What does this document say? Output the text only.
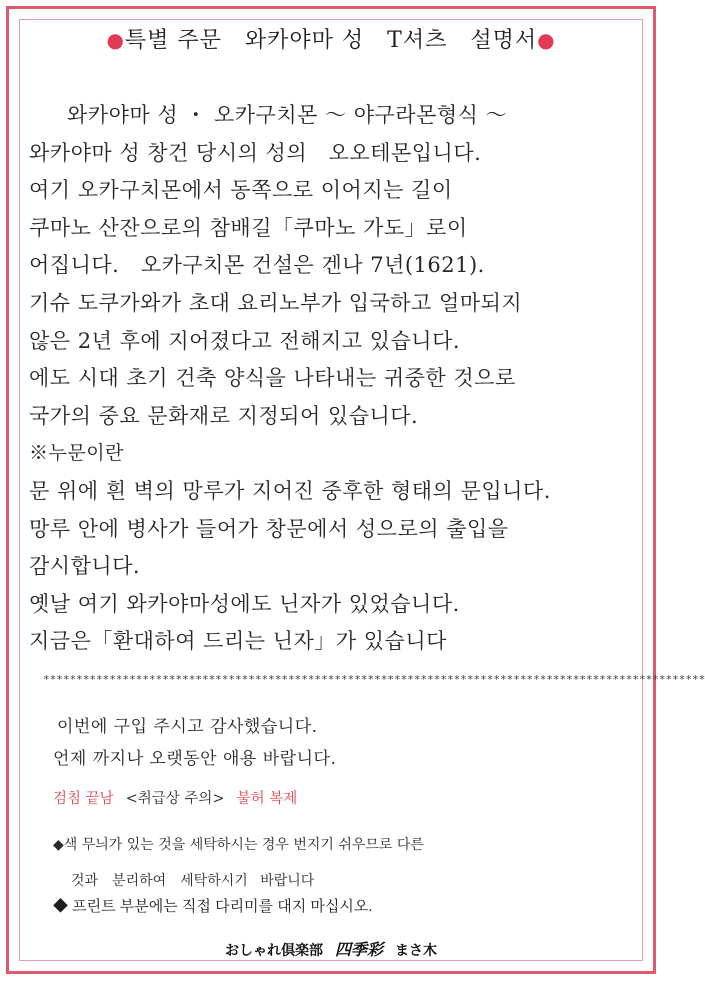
●특별 주문　와카야마 성　T셔츠　설명서●
와카야마 성 ・ 오카구치몬 ～ 야구라몬형식 ～
와카야마 성 창건 당시의 성의　오오테몬입니다.
여기 오카구치몬에서 동쪽으로 이어지는 길이
쿠마노 산잔으로의 참배길「쿠마노 가도」로이
어집니다.　오카구치몬 건설은 겐나 7년(1621).
기슈 도쿠가와가 초대 요리노부가 입국하고 얼마되지
않은 2년 후에 지어졌다고 전해지고 있습니다.
에도 시대 초기 건축 양식을 나타내는 귀중한 것으로
국가의 중요 문화재로 지정되어 있습니다.
※누문이란
문 위에 흰 벽의 망루가 지어진 중후한 형태의 문입니다.
망루 안에 병사가 들어가 창문에서 성으로의 출입을
감시합니다.
옛날 여기 와카야마성에도 닌자가 있었습니다.
지금은「환대하여 드리는 닌자」가 있습니다
****************************************************************************************************
이번에 구입 주시고 감사했습니다.
언제 까지나 오랫동안 애용 바랍니다.
검침 끝남 <취급상 주의> 불허 복제
◆색 무늬가 있는 것을 세탁하시는 경우 번지기 쉬우므로 다른
것과　분리하여　세탁하시기 바랍니다
◆ 프린트 부분에는 직접 다리미를 대지 마십시오.
おしゃれ倶楽部 四季彩 まさ木
